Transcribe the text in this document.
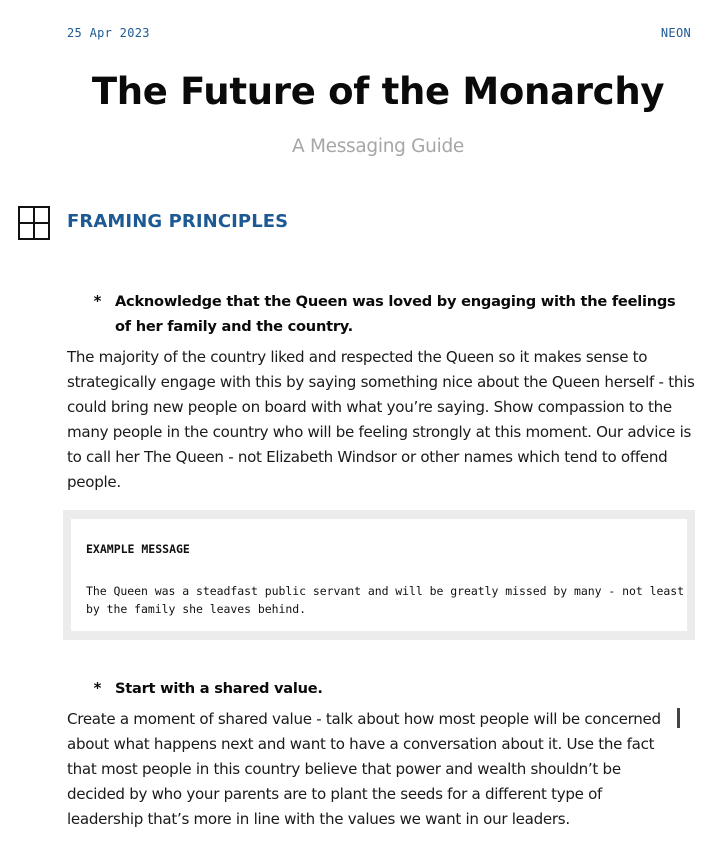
25 Apr 2023	NEON
The Future of the Monarchy
A Messaging Guide
FRAMING PRINCIPLES
* Acknowledge that the Queen was loved by engaging with the feelings of her family and the country.
The majority of the country liked and respected the Queen so it makes sense to strategically engage with this by saying something nice about the Queen herself - this could bring new people on board with what you’re saying. Show compassion to the many people in the country who will be feeling strongly at this moment. Our advice is to call her The Queen - not Elizabeth Windsor or other names which tend to offend people.
EXAMPLE MESSAGE
The Queen was a steadfast public servant and will be greatly missed by many - not least by the family she leaves behind.
* Start with a shared value.
Create a moment of shared value - talk about how most people will be concerned about what happens next and want to have a conversation about it. Use the fact that most people in this country believe that power and wealth shouldn’t be decided by who your parents are to plant the seeds for a different type of leadership that’s more in line with the values we want in our leaders.
